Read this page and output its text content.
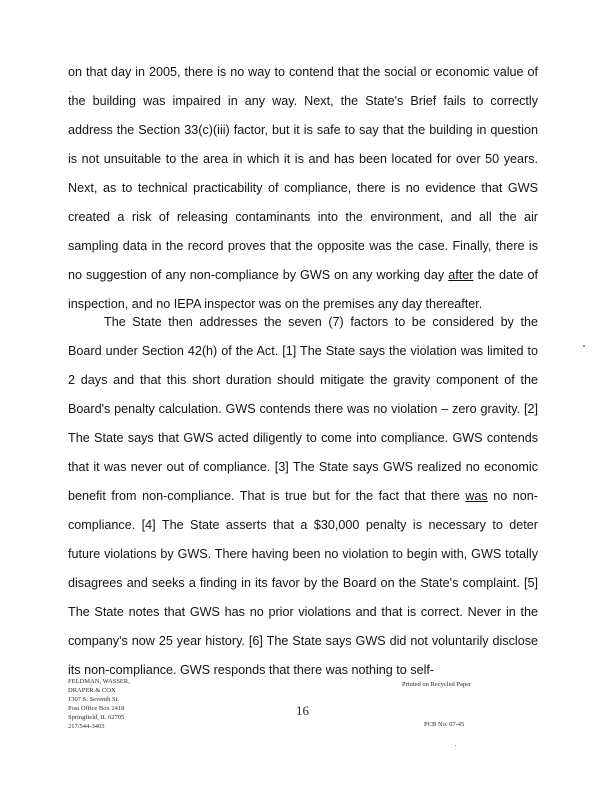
on that day in 2005, there is no way to contend that the social or economic value of the building was impaired in any way. Next, the State's Brief fails to correctly address the Section 33(c)(iii) factor, but it is safe to say that the building in question is not unsuitable to the area in which it is and has been located for over 50 years. Next, as to technical practicability of compliance, there is no evidence that GWS created a risk of releasing contaminants into the environment, and all the air sampling data in the record proves that the opposite was the case. Finally, there is no suggestion of any non-compliance by GWS on any working day after the date of inspection, and no IEPA inspector was on the premises any day thereafter.

The State then addresses the seven (7) factors to be considered by the Board under Section 42(h) of the Act. [1] The State says the violation was limited to 2 days and that this short duration should mitigate the gravity component of the Board's penalty calculation. GWS contends there was no violation – zero gravity. [2] The State says that GWS acted diligently to come into compliance. GWS contends that it was never out of compliance. [3] The State says GWS realized no economic benefit from non-compliance. That is true but for the fact that there was no non-compliance. [4] The State asserts that a $30,000 penalty is necessary to deter future violations by GWS. There having been no violation to begin with, GWS totally disagrees and seeks a finding in its favor by the Board on the State's complaint. [5] The State notes that GWS has no prior violations and that is correct. Never in the company's now 25 year history. [6] The State says GWS did not voluntarily disclose its non-compliance. GWS responds that there was nothing to self-

FELDMAN, WASSER,
DRAPER & COX
1307 S. Seventh St.
Post Office Box 2418
Springfield, IL 62705
217/544-3403
16
Printed on Recycled Paper
PCB No. 07-45
